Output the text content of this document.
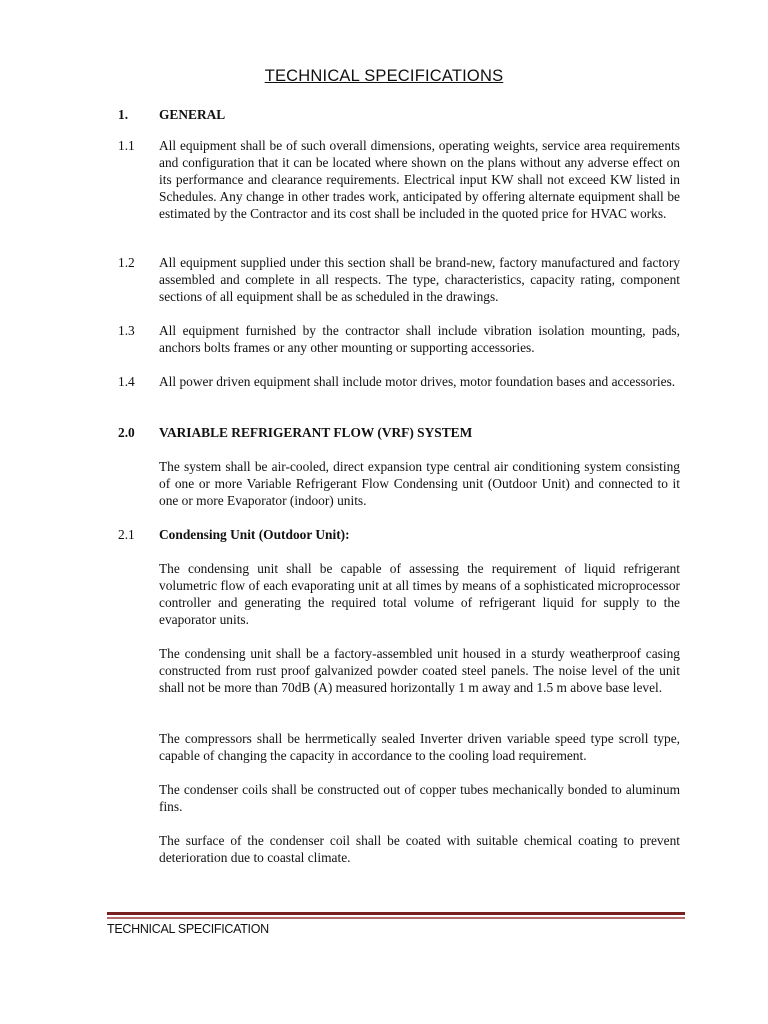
TECHNICAL SPECIFICATIONS
1. GENERAL
1.1 All equipment shall be of such overall dimensions, operating weights, service area requirements and configuration that it can be located where shown on the plans without any adverse effect on its performance and clearance requirements. Electrical input KW shall not exceed KW listed in Schedules. Any change in other trades work, anticipated by offering alternate equipment shall be estimated by the Contractor and its cost shall be included in the quoted price for HVAC works.
1.2 All equipment supplied under this section shall be brand-new, factory manufactured and factory assembled and complete in all respects. The type, characteristics, capacity rating, component sections of all equipment shall be as scheduled in the drawings.
1.3 All equipment furnished by the contractor shall include vibration isolation mounting, pads, anchors bolts frames or any other mounting or supporting accessories.
1.4 All power driven equipment shall include motor drives, motor foundation bases and accessories.
2.0 VARIABLE REFRIGERANT FLOW (VRF) SYSTEM
The system shall be air-cooled, direct expansion type central air conditioning system consisting of one or more Variable Refrigerant Flow Condensing unit (Outdoor Unit) and connected to it one or more Evaporator (indoor) units.
2.1 Condensing Unit (Outdoor Unit):
The condensing unit shall be capable of assessing the requirement of liquid refrigerant volumetric flow of each evaporating unit at all times by means of a sophisticated microprocessor controller and generating the required total volume of refrigerant liquid for supply to the evaporator units.
The condensing unit shall be a factory-assembled unit housed in a sturdy weatherproof casing constructed from rust proof galvanized powder coated steel panels. The noise level of the unit shall not be more than 70dB (A) measured horizontally 1 m away and 1.5 m above base level.
The compressors shall be herrmetically sealed Inverter driven variable speed type scroll type, capable of changing the capacity in accordance to the cooling load requirement.
The condenser coils shall be constructed out of copper tubes mechanically bonded to aluminum fins.
The surface of the condenser coil shall be coated with suitable chemical coating to prevent deterioration due to coastal climate.
TECHNICAL SPECIFICATION
